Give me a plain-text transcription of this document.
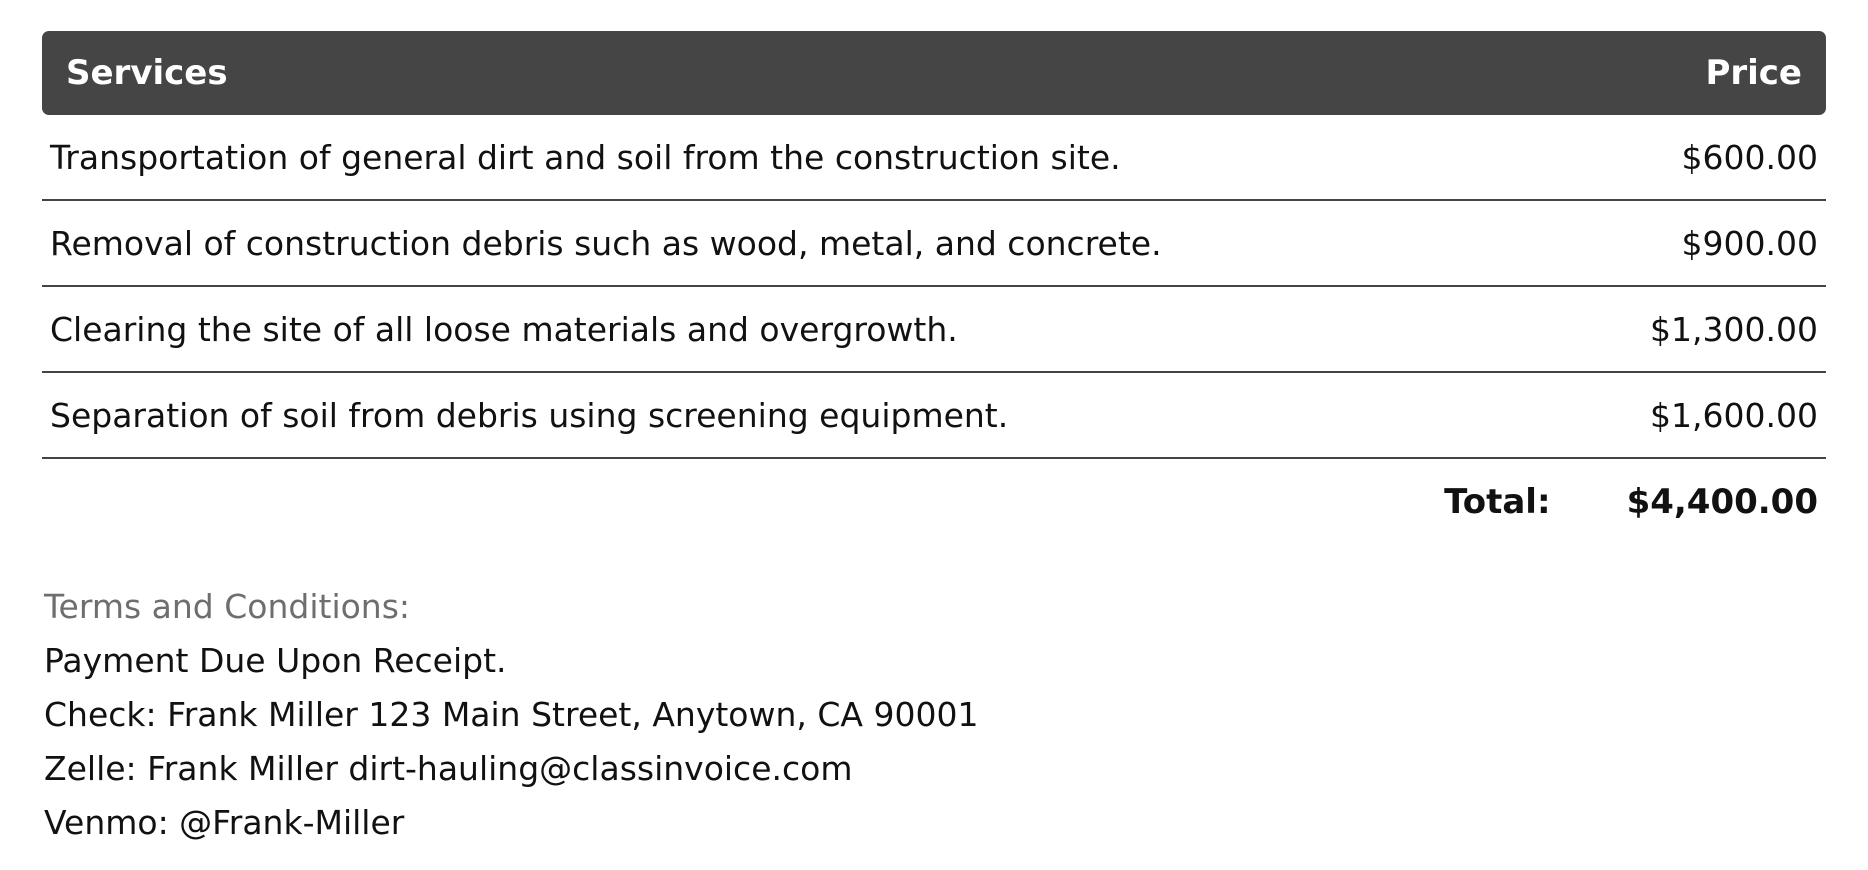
Services	Price
Transportation of general dirt and soil from the construction site.	$600.00
Removal of construction debris such as wood, metal, and concrete.	$900.00
Clearing the site of all loose materials and overgrowth.	$1,300.00
Separation of soil from debris using screening equipment.	$1,600.00
Total: $4,400.00
Terms and Conditions:
Payment Due Upon Receipt.
Check: Frank Miller 123 Main Street, Anytown, CA 90001
Zelle: Frank Miller dirt-hauling@classinvoice.com
Venmo: @Frank-Miller
